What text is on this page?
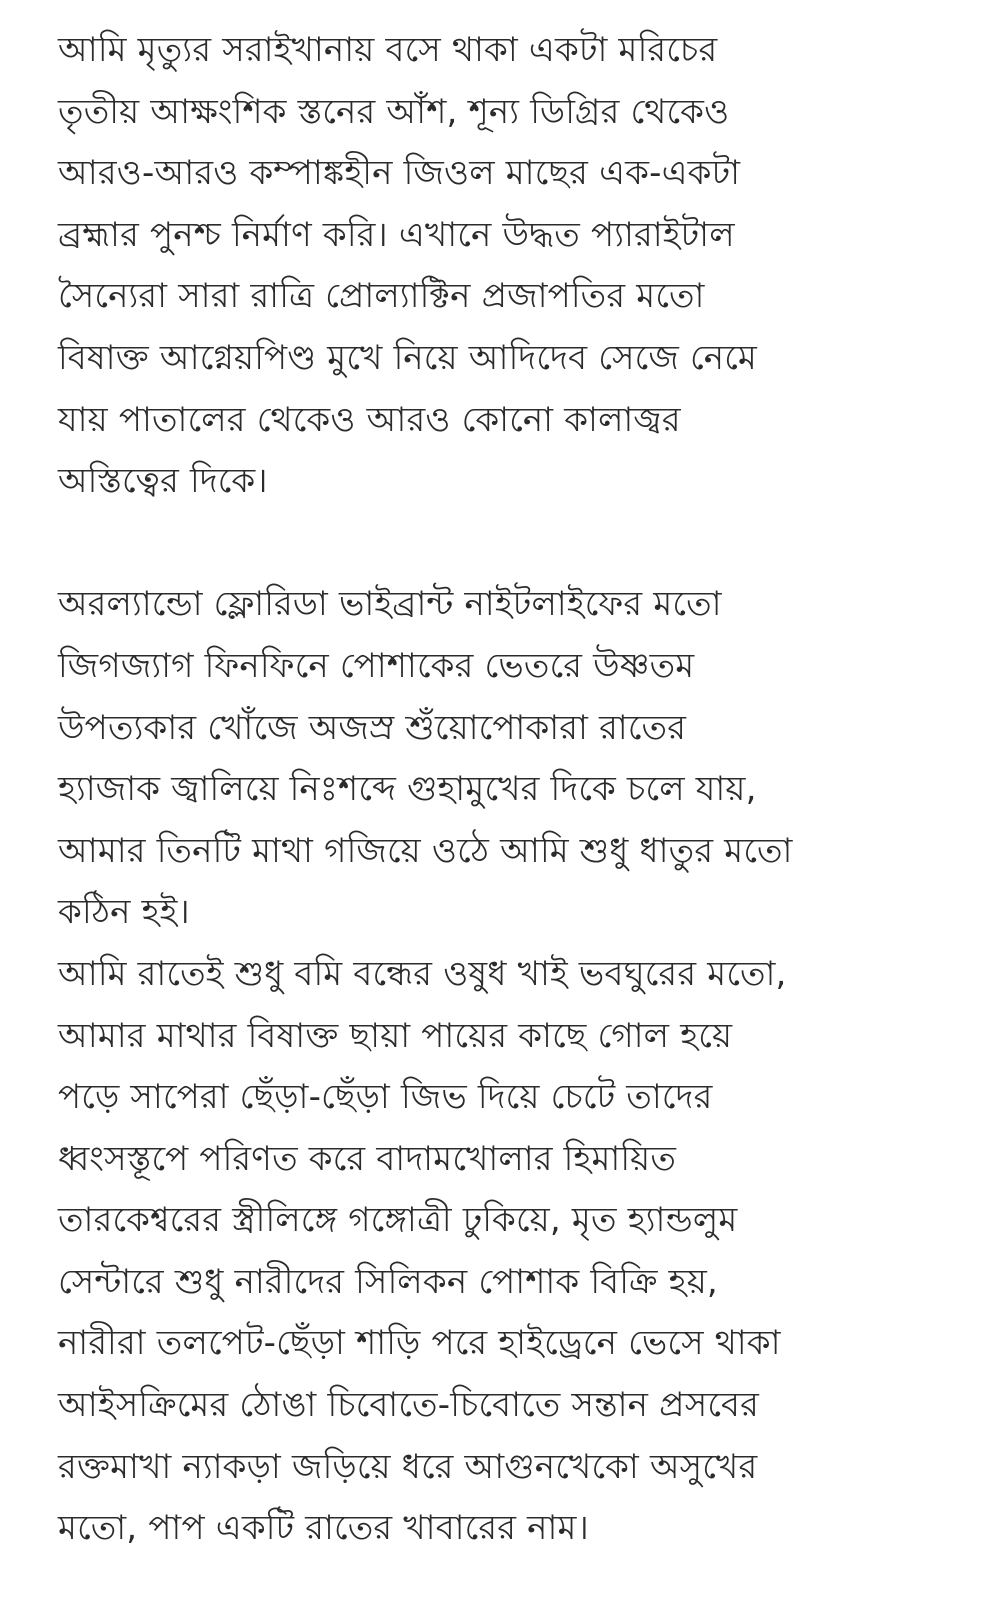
আমি মৃত্যুর সরাইখানায় বসে থাকা একটা মরিচের
তৃতীয় আক্ষংশিক স্তনের আঁশ, শূন্য ডিগ্রির থেকেও
আরও-আরও কম্পাঙ্কহীন জিওল মাছের এক-একটা
ব্রহ্মার পুনশ্চ নির্মাণ করি। এখানে উদ্ধত প্যারাইটাল
সৈন্যেরা সারা রাত্রি প্রোল্যাক্টিন প্রজাপতির মতো
বিষাক্ত আগ্নেয়পিণ্ড মুখে নিয়ে আদিদেব সেজে নেমে
যায় পাতালের থেকেও আরও কোনো কালাজ্বর
অস্তিত্বের দিকে।
অরল্যান্ডো ফ্লোরিডা ভাইব্রান্ট নাইটলাইফের মতো
জিগজ্যাগ ফিনফিনে পোশাকের ভেতরে উষ্ণতম
উপত্যকার খোঁজে অজস্র শুঁয়োপোকারা রাতের
হ্যাজাক জ্বালিয়ে নিঃশব্দে গুহামুখের দিকে চলে যায়,
আমার তিনটি মাথা গজিয়ে ওঠে আমি শুধু ধাতুর মতো
কঠিন হই।
আমি রাতেই শুধু বমি বন্ধের ওষুধ খাই ভবঘুরের মতো,
আমার মাথার বিষাক্ত ছায়া পায়ের কাছে গোল হয়ে
পড়ে সাপেরা ছেঁড়া-ছেঁড়া জিভ দিয়ে চেটে তাদের
ধ্বংসস্তূপে পরিণত করে বাদামখোলার হিমায়িত
তারকেশ্বরের স্ত্রীলিঙ্গে গঙ্গোত্রী ঢুকিয়ে, মৃত হ্যান্ডলুম
সেন্টারে শুধু নারীদের সিলিকন পোশাক বিক্রি হয়,
নারীরা তলপেট-ছেঁড়া শাড়ি পরে হাইড্রেনে ভেসে থাকা
আইসক্রিমের ঠোঙা চিবোতে-চিবোতে সন্তান প্রসবের
রক্তমাখা ন্যাকড়া জড়িয়ে ধরে আগুনখেকো অসুখের
মতো, পাপ একটি রাতের খাবারের নাম।
